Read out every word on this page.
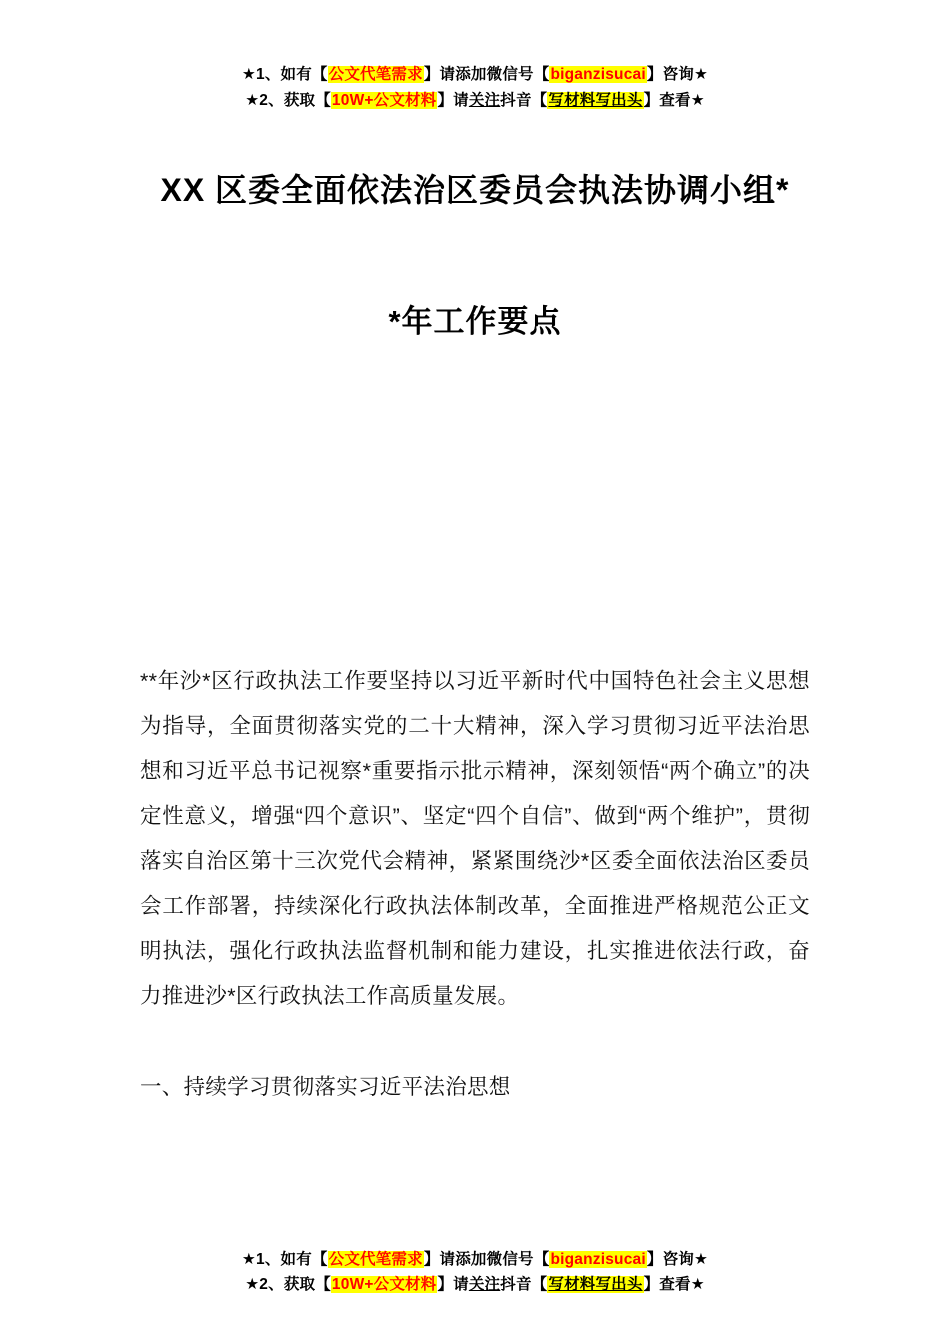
★1、如有【公文代笔需求】请添加微信号【biganzisucai】咨询★
★2、获取【10W+公文材料】请关注抖音【写材料写出头】查看★
XX 区委全面依法治区委员会执法协调小组*
*年工作要点

**年沙*区行政执法工作要坚持以习近平新时代中国特色社会主义思想为指导，全面贯彻落实党的二十大精神，深入学习贯彻习近平法治思想和习近平总书记视察*重要指示批示精神，深刻领悟“两个确立”的决定性意义，增强“四个意识”、坚定“四个自信”、做到“两个维护”，贯彻落实自治区第十三次党代会精神，紧紧围绕沙*区委全面依法治区委员会工作部署，持续深化行政执法体制改革，全面推进严格规范公正文明执法，强化行政执法监督机制和能力建设，扎实推进依法行政，奋力推进沙*区行政执法工作高质量发展。

一、持续学习贯彻落实习近平法治思想

★1、如有【公文代笔需求】请添加微信号【biganzisucai】咨询★
★2、获取【10W+公文材料】请关注抖音【写材料写出头】查看★
